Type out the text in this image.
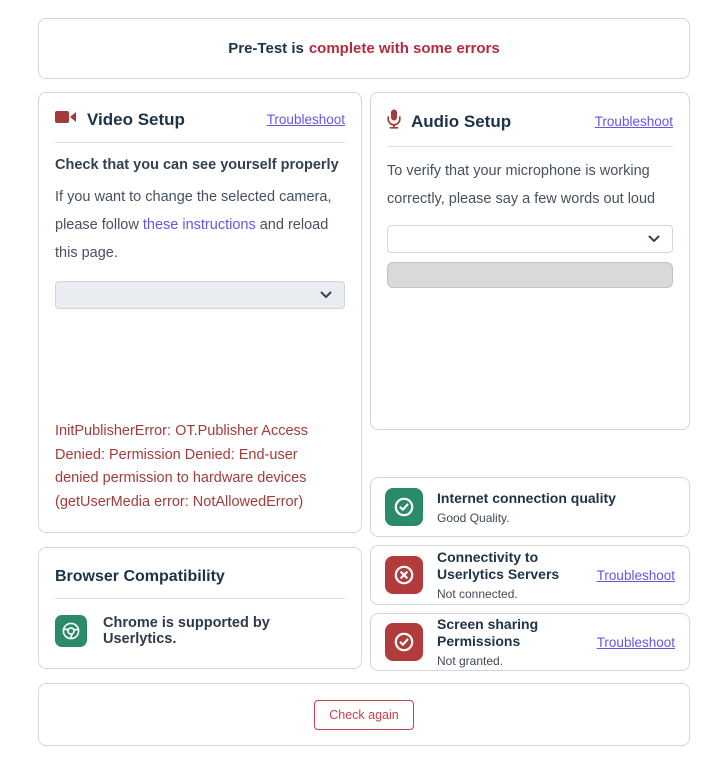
Pre-Test is complete with some errors
Video Setup	Troubleshoot
Check that you can see yourself properly
If you want to change the selected camera, please follow these instructions and reload this page.
InitPublisherError: OT.Publisher Access Denied: Permission Denied: End-user denied permission to hardware devices (getUserMedia error: NotAllowedError)
Browser Compatibility
Chrome is supported by Userlytics.
Audio Setup	Troubleshoot
To verify that your microphone is working correctly, please say a few words out loud
Internet connection quality
Good Quality.
Connectivity to Userlytics Servers
Not connected.
Troubleshoot
Screen sharing Permissions
Not granted.
Troubleshoot
Check again
